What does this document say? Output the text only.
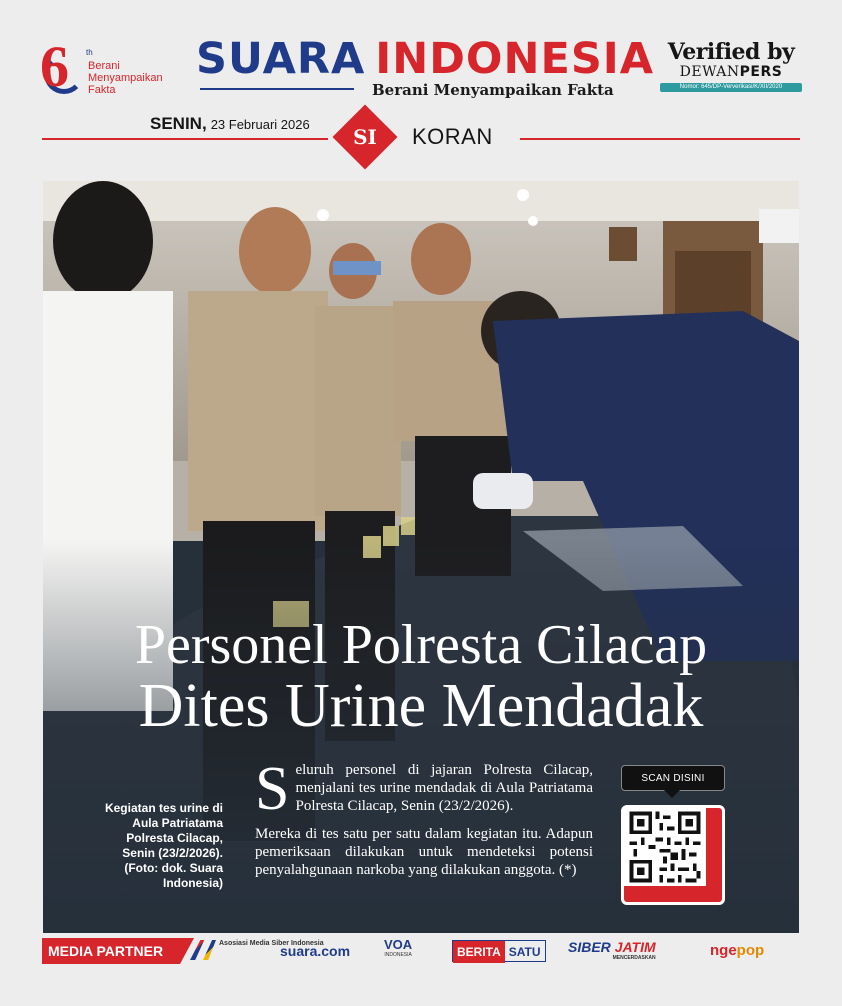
6 th
Berani
Menyampaikan
Fakta
SUARA INDONESIA
Berani Menyampaikan Fakta
Verified by
DEWANPERS
Nomor: 645/DP-Ververikasi/K/XII/2020
SENIN, 23 Februari 2026
SI	KORAN
Personel Polresta Cilacap
Dites Urine Mendadak
Kegiatan tes urine di Aula Patriatama Polresta Cilacap, Senin (23/2/2026). (Foto: dok. Suara Indonesia)
S eluruh personel di jajaran Polresta Cilacap, menjalani tes urine mendadak di Aula Patriatama Polresta Cilacap, Senin (23/2/2026).

Mereka di tes satu per satu dalam kegiatan itu. Adapun pemeriksaan dilakukan untuk mendeteksi potensi penyalahgunaan narkoba yang dilakukan anggota. (*)

SCAN DISINI
MEDIA PARTNER	Asosiasi Media Siber Indonesia
suara.com	VOA
INDONESIA	BERITA SATU	SIBER JATIM
MENCERDASKAN	ngepop
